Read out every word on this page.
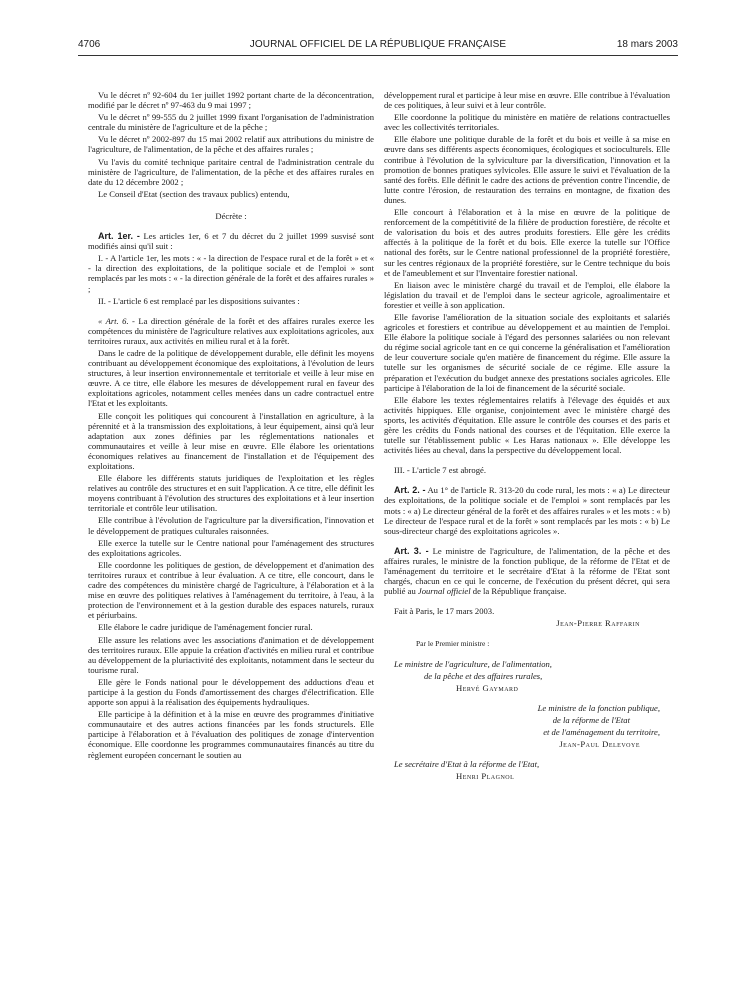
4706	JOURNAL OFFICIEL DE LA RÉPUBLIQUE FRANÇAISE	18 mars 2003

Vu le décret nº 92-604 du 1er juillet 1992 portant charte de la déconcentration, modifié par le décret nº 97-463 du 9 mai 1997 ;

Vu le décret nº 99-555 du 2 juillet 1999 fixant l'organisation de l'administration centrale du ministère de l'agriculture et de la pêche ;

Vu le décret nº 2002-897 du 15 mai 2002 relatif aux attributions du ministre de l'agriculture, de l'alimentation, de la pêche et des affaires rurales ;

Vu l'avis du comité technique paritaire central de l'administration centrale du ministère de l'agriculture, de l'alimentation, de la pêche et des affaires rurales en date du 12 décembre 2002 ;

Le Conseil d'Etat (section des travaux publics) entendu,

Décrète :

Art. 1er. - Les articles 1er, 6 et 7 du décret du 2 juillet 1999 susvisé sont modifiés ainsi qu'il suit :

I. - A l'article 1er, les mots : « - la direction de l'espace rural et de la forêt » et « - la direction des exploitations, de la politique sociale et de l'emploi » sont remplacés par les mots : « - la direction générale de la forêt et des affaires rurales » ;

II. - L'article 6 est remplacé par les dispositions suivantes :

« Art. 6. - La direction générale de la forêt et des affaires rurales exerce les compétences du ministère de l'agriculture relatives aux exploitations agricoles, aux territoires ruraux, aux activités en milieu rural et à la forêt.

Dans le cadre de la politique de développement durable, elle définit les moyens contribuant au développement économique des exploitations, à l'évolution de leurs structures, à leur insertion environnementale et territoriale et veille à leur mise en œuvre. A ce titre, elle élabore les mesures de développement rural en faveur des exploitations agricoles, notamment celles menées dans un cadre contractuel entre l'Etat et les exploitants.

Elle conçoit les politiques qui concourent à l'installation en agriculture, à la pérennité et à la transmission des exploitations, à leur équipement, ainsi qu'à leur adaptation aux zones définies par les réglementations nationales et communautaires et veille à leur mise en œuvre. Elle élabore les orientations économiques relatives au financement de l'installation et de l'équipement des exploitations.

Elle élabore les différents statuts juridiques de l'exploitation et les règles relatives au contrôle des structures et en suit l'application. A ce titre, elle définit les moyens contribuant à l'évolution des structures des exploitations et à leur insertion territoriale et contrôle leur utilisation.

Elle contribue à l'évolution de l'agriculture par la diversification, l'innovation et le développement de pratiques culturales raisonnées.

Elle exerce la tutelle sur le Centre national pour l'aménagement des structures des exploitations agricoles.

Elle coordonne les politiques de gestion, de développement et d'animation des territoires ruraux et contribue à leur évaluation. A ce titre, elle concourt, dans le cadre des compétences du ministère chargé de l'agriculture, à l'élaboration et à la mise en œuvre des politiques relatives à l'aménagement du territoire, à l'eau, à la protection de l'environnement et à la gestion durable des espaces naturels, ruraux et périurbains.

Elle élabore le cadre juridique de l'aménagement foncier rural.

Elle assure les relations avec les associations d'animation et de développement des territoires ruraux. Elle appuie la création d'activités en milieu rural et contribue au développement de la pluriactivité des exploitants, notamment dans le secteur du tourisme rural.

Elle gère le Fonds national pour le développement des adductions d'eau et participe à la gestion du Fonds d'amortissement des charges d'électrification. Elle apporte son appui à la réalisation des équipements hydrauliques.

Elle participe à la définition et à la mise en œuvre des programmes d'initiative communautaire et des autres actions financées par les fonds structurels. Elle participe à l'élaboration et à l'évaluation des politiques de zonage d'intervention économique. Elle coordonne les programmes communautaires financés au titre du règlement européen concernant le soutien au

développement rural et participe à leur mise en œuvre. Elle contribue à l'évaluation de ces politiques, à leur suivi et à leur contrôle.

Elle coordonne la politique du ministère en matière de relations contractuelles avec les collectivités territoriales.

Elle élabore une politique durable de la forêt et du bois et veille à sa mise en œuvre dans ses différents aspects économiques, écologiques et socioculturels. Elle contribue à l'évolution de la sylviculture par la diversification, l'innovation et la promotion de bonnes pratiques sylvicoles. Elle assure le suivi et l'évaluation de la santé des forêts. Elle définit le cadre des actions de prévention contre l'incendie, de lutte contre l'érosion, de restauration des terrains en montagne, de fixation des dunes.

Elle concourt à l'élaboration et à la mise en œuvre de la politique de renforcement de la compétitivité de la filière de production forestière, de récolte et de valorisation du bois et des autres produits forestiers. Elle gère les crédits affectés à la politique de la forêt et du bois. Elle exerce la tutelle sur l'Office national des forêts, sur le Centre national professionnel de la propriété forestière, sur les centres régionaux de la propriété forestière, sur le Centre technique du bois et de l'ameublement et sur l'Inventaire forestier national.

En liaison avec le ministère chargé du travail et de l'emploi, elle élabore la législation du travail et de l'emploi dans le secteur agricole, agroalimentaire et forestier et veille à son application.

Elle favorise l'amélioration de la situation sociale des exploitants et salariés agricoles et forestiers et contribue au développement et au maintien de l'emploi. Elle élabore la politique sociale à l'égard des personnes salariées ou non relevant du régime social agricole tant en ce qui concerne la généralisation et l'amélioration de leur couverture sociale qu'en matière de financement du régime. Elle assure la tutelle sur les organismes de sécurité sociale de ce régime. Elle assure la préparation et l'exécution du budget annexe des prestations sociales agricoles. Elle participe à l'élaboration de la loi de financement de la sécurité sociale.

Elle élabore les textes réglementaires relatifs à l'élevage des équidés et aux activités hippiques. Elle organise, conjointement avec le ministère chargé des sports, les activités d'équitation. Elle assure le contrôle des courses et des paris et gère les crédits du Fonds national des courses et de l'équitation. Elle exerce la tutelle sur l'établissement public « Les Haras nationaux ». Elle développe les activités liées au cheval, dans la perspective du développement local.

III. - L'article 7 est abrogé.

Art. 2. - Au 1° de l'article R. 313-20 du code rural, les mots : « a) Le directeur des exploitations, de la politique sociale et de l'emploi » sont remplacés par les mots : « a) Le directeur général de la forêt et des affaires rurales » et les mots : « b) Le directeur de l'espace rural et de la forêt » sont remplacés par les mots : « b) Le sous-directeur chargé des exploitations agricoles ».

Art. 3. - Le ministre de l'agriculture, de l'alimentation, de la pêche et des affaires rurales, le ministre de la fonction publique, de la réforme de l'Etat et de l'aménagement du territoire et le secrétaire d'Etat à la réforme de l'Etat sont chargés, chacun en ce qui le concerne, de l'exécution du présent décret, qui sera publié au Journal officiel de la République française.

Fait à Paris, le 17 mars 2003.

Jean-Pierre Raffarin

Par le Premier ministre :

Le ministre de l'agriculture, de l'alimentation,

de la pêche et des affaires rurales,

Hervé Gaymard

Le ministre de la fonction publique,

de la réforme de l'Etat

et de l'aménagement du territoire,

Jean-Paul Delevoye

Le secrétaire d'Etat à la réforme de l'Etat,

Henri Plagnol
